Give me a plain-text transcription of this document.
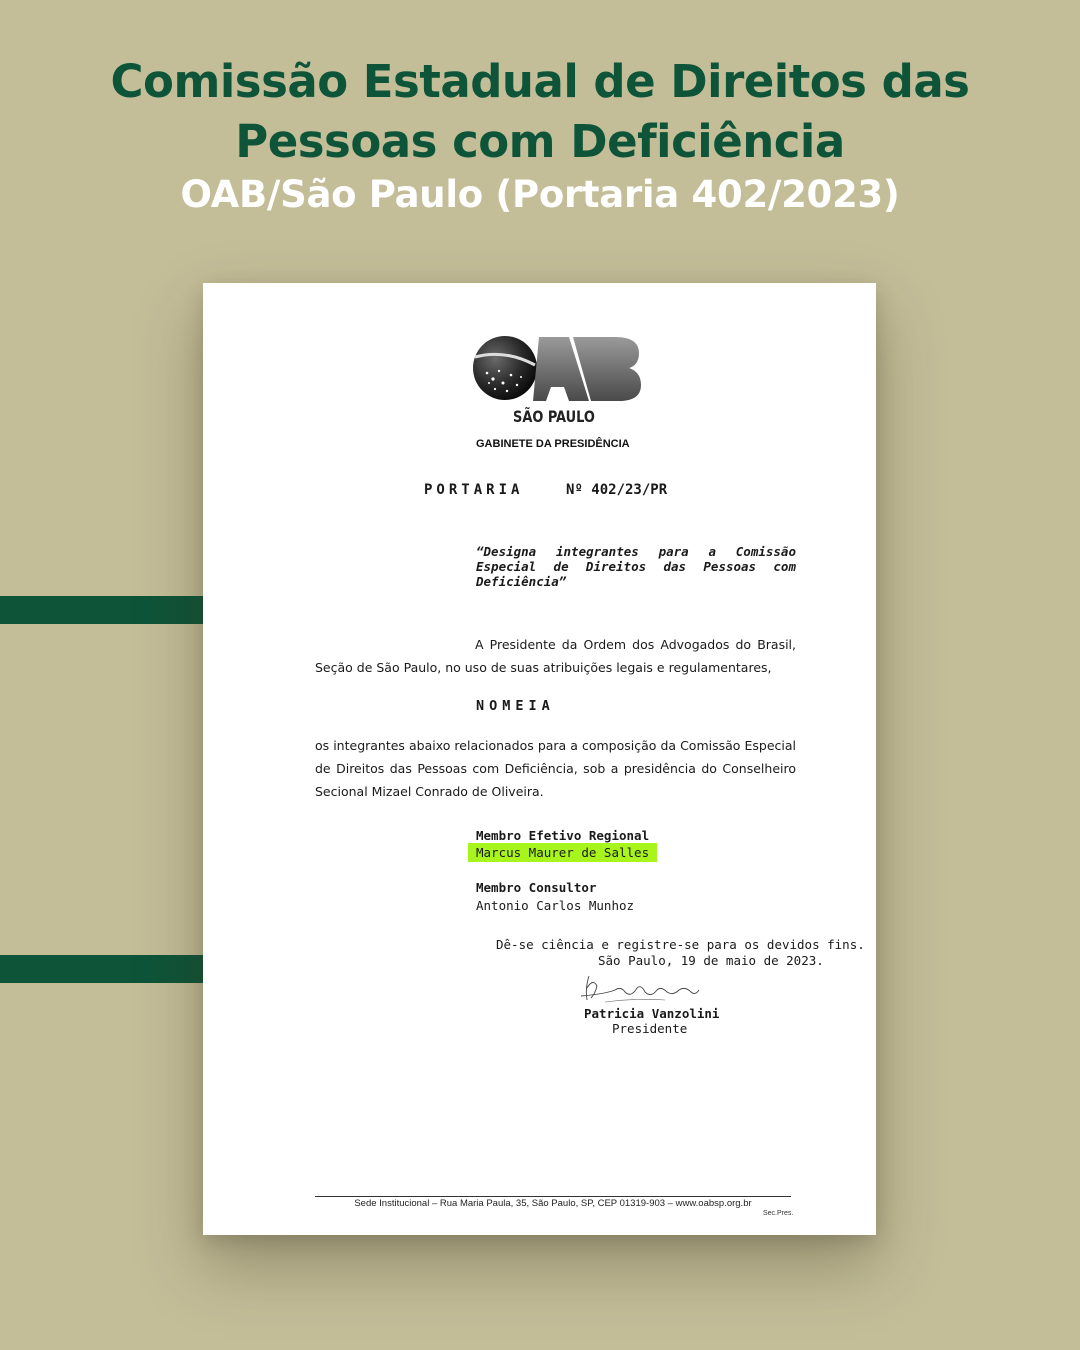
Comissão Estadual de Direitos das
Pessoas com Deficiência
OAB/São Paulo (Portaria 402/2023)
SÃO PAULO
GABINETE DA PRESIDÊNCIA
PORTARIA	Nº 402/23/PR

“Designa integrantes para a Comissão Especial de Direitos das Pessoas com Deficiência”

A Presidente da Ordem dos Advogados do Brasil, Seção de São Paulo, no uso de suas atribuições legais e regulamentares,

NOMEIA

os integrantes abaixo relacionados para a composição da Comissão Especial de Direitos das Pessoas com Deficiência, sob a presidência do Conselheiro Secional Mizael Conrado de Oliveira.

Membro Efetivo Regional
Marcus Maurer de Salles
Membro Consultor
Antonio Carlos Munhoz
Dê-se ciência e registre-se para os devidos fins.
São Paulo, 19 de maio de 2023.
Patricia Vanzolini
Presidente
Sede Institucional – Rua Maria Paula, 35, São Paulo, SP, CEP 01319-903 – www.oabsp.org.br
Sec.Pres.
